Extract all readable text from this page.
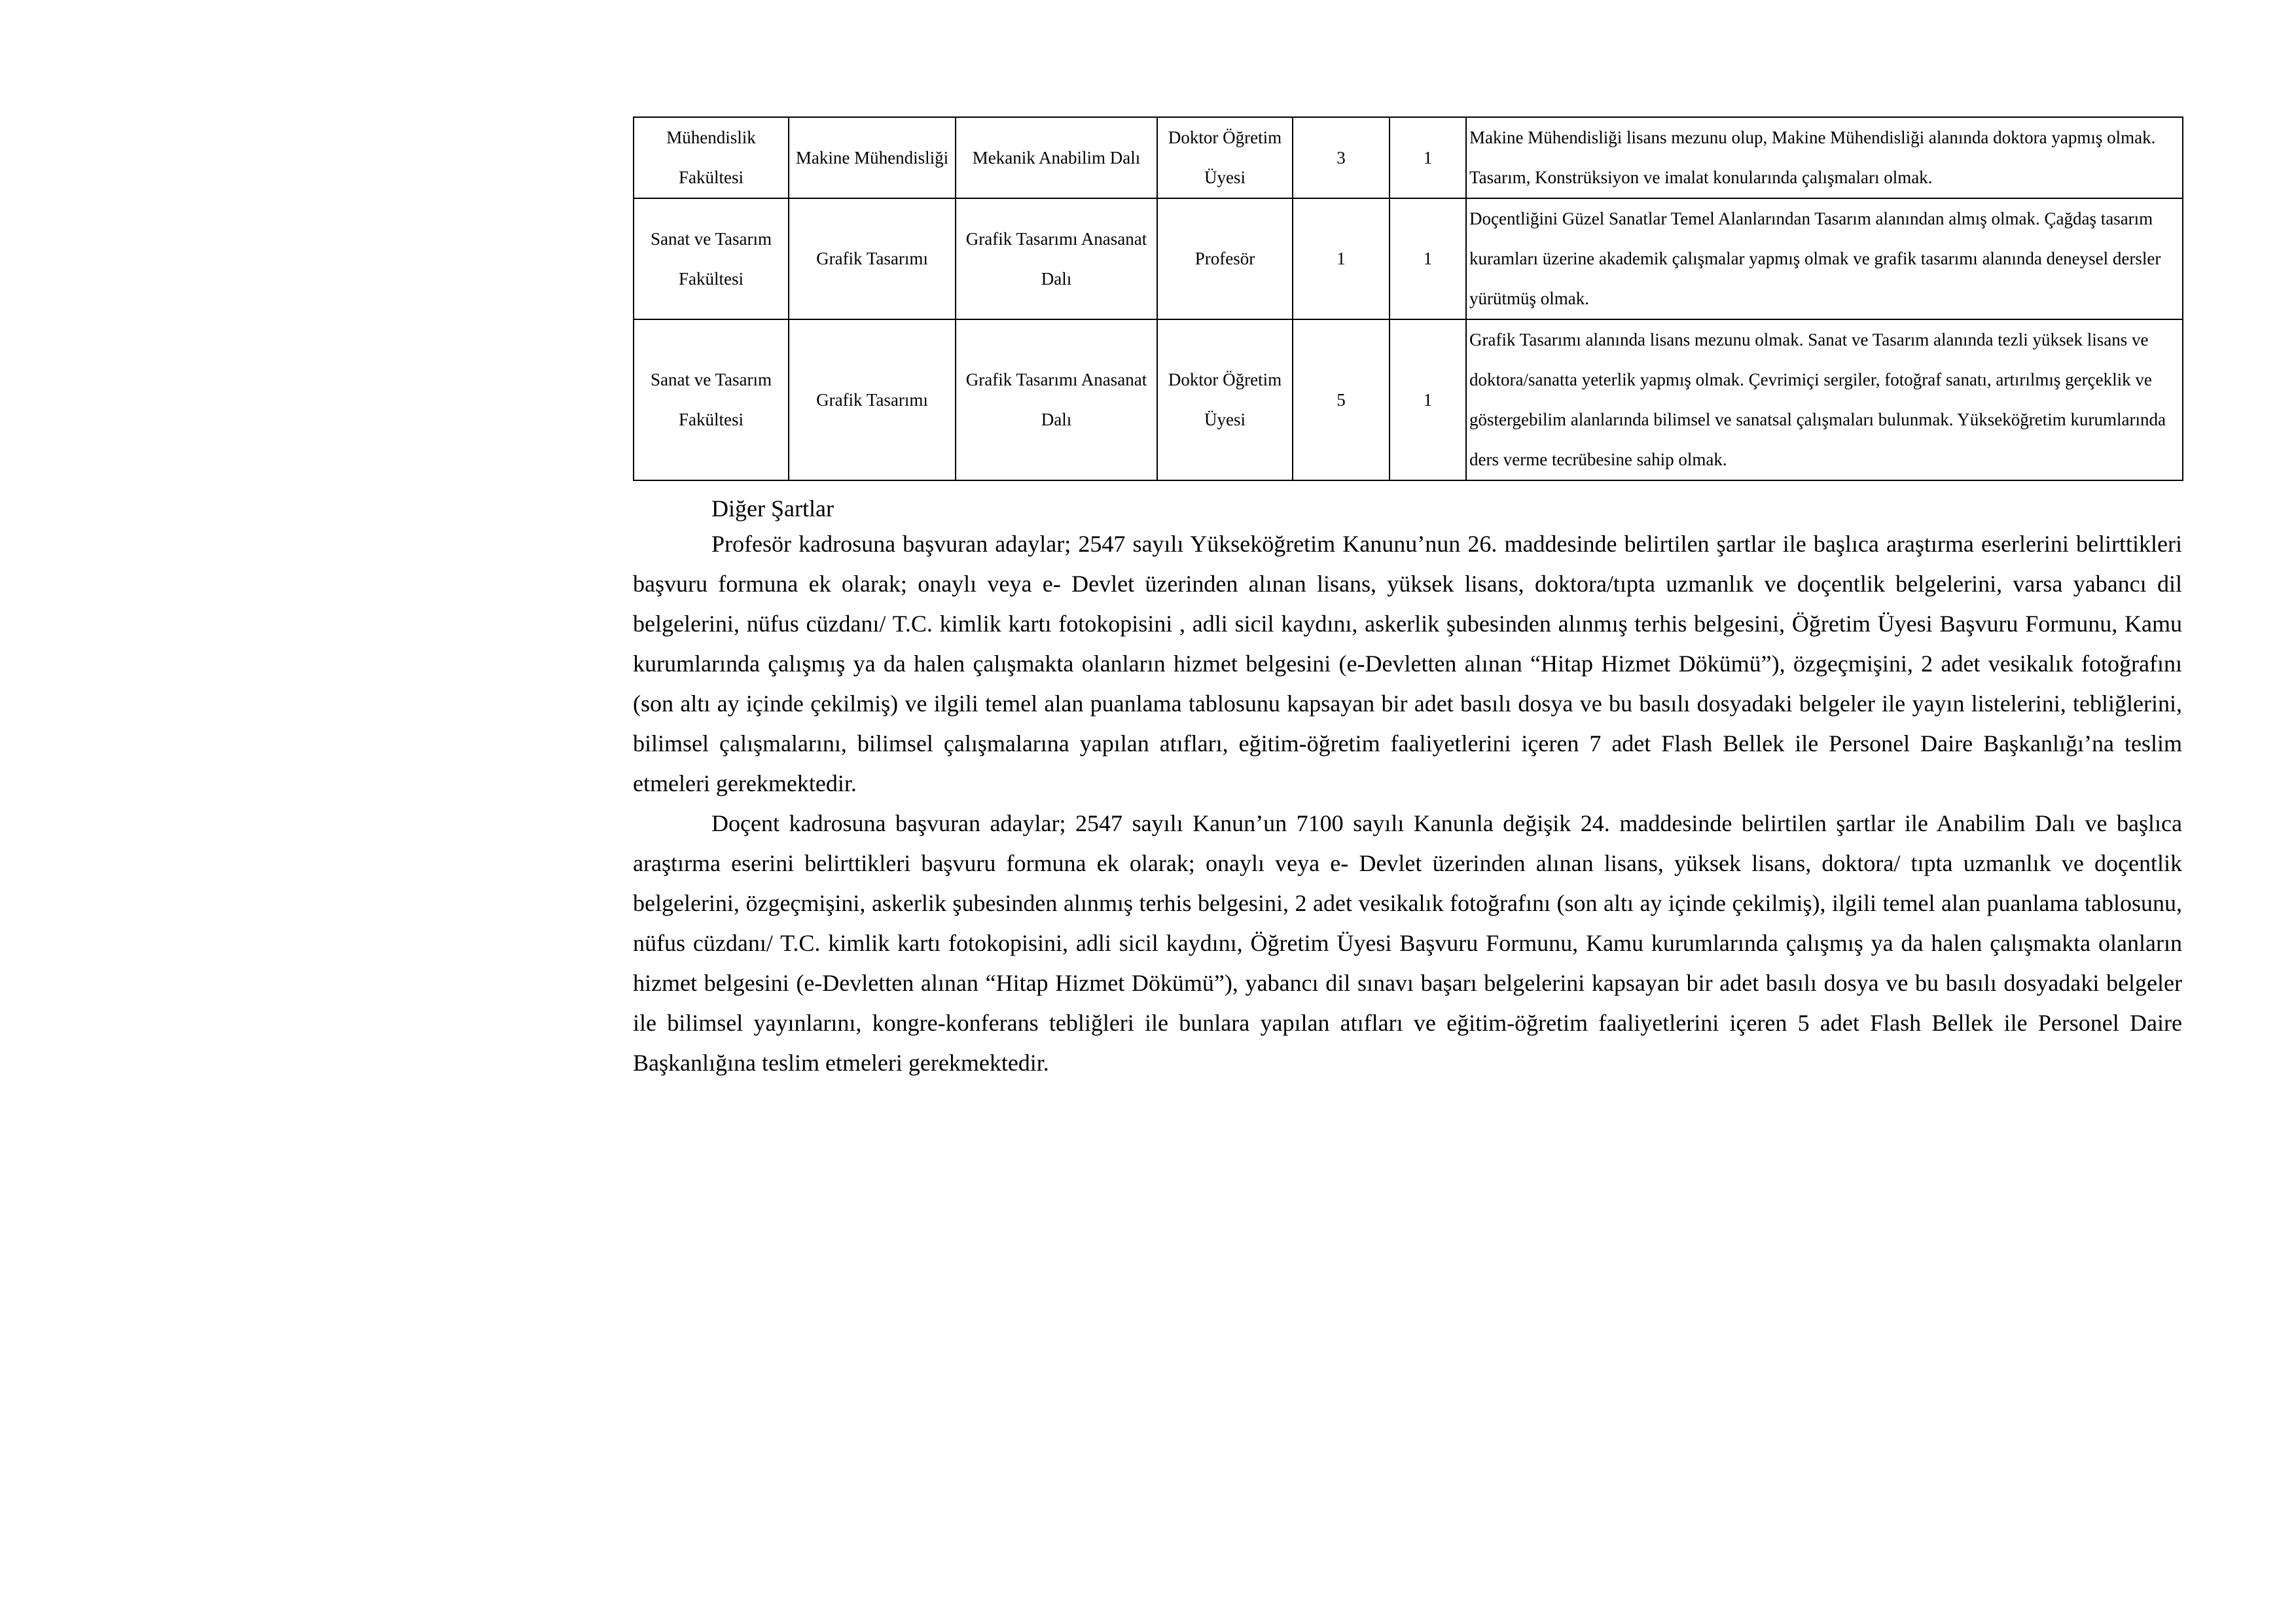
Mühendislik Fakültesi	Makine Mühendisliği	Mekanik Anabilim Dalı	Doktor Öğretim Üyesi	3	1	Makine Mühendisliği lisans mezunu olup, Makine Mühendisliği alanında doktora yapmış olmak. Tasarım, Konstrüksiyon ve imalat konularında çalışmaları olmak.

Sanat ve Tasarım Fakültesi	Grafik Tasarımı	Grafik Tasarımı Anasanat Dalı	Profesör	1	1	Doçentliğini Güzel Sanatlar Temel Alanlarından Tasarım alanından almış olmak. Çağdaş tasarım kuramları üzerine akademik çalışmalar yapmış olmak ve grafik tasarımı alanında deneysel dersler yürütmüş olmak.

Sanat ve Tasarım Fakültesi	Grafik Tasarımı	Grafik Tasarımı Anasanat Dalı	Doktor Öğretim Üyesi	5	1	Grafik Tasarımı alanında lisans mezunu olmak. Sanat ve Tasarım alanında tezli yüksek lisans ve doktora/sanatta yeterlik yapmış olmak. Çevrimiçi sergiler, fotoğraf sanatı, artırılmış gerçeklik ve göstergebilim alanlarında bilimsel ve sanatsal çalışmaları bulunmak. Yükseköğretim kurumlarında ders verme tecrübesine sahip olmak.
Diğer Şartlar

Profesör kadrosuna başvuran adaylar; 2547 sayılı Yükseköğretim Kanunu’nun 26. maddesinde belirtilen şartlar ile başlıca araştırma eserlerini belirttikleri başvuru formuna ek olarak; onaylı veya e- Devlet üzerinden alınan lisans, yüksek lisans, doktora/tıpta uzmanlık ve doçentlik belgelerini, varsa yabancı dil belgelerini, nüfus cüzdanı/ T.C. kimlik kartı fotokopisini , adli sicil kaydını, askerlik şubesinden alınmış terhis belgesini, Öğretim Üyesi Başvuru Formunu, Kamu kurumlarında çalışmış ya da halen çalışmakta olanların hizmet belgesini (e-Devletten alınan “Hitap Hizmet Dökümü”), özgeçmişini, 2 adet vesikalık fotoğrafını (son altı ay içinde çekilmiş) ve ilgili temel alan puanlama tablosunu kapsayan bir adet basılı dosya ve bu basılı dosyadaki belgeler ile yayın listelerini, tebliğlerini, bilimsel çalışmalarını, bilimsel çalışmalarına yapılan atıfları, eğitim-öğretim faaliyetlerini içeren 7 adet Flash Bellek ile Personel Daire Başkanlığı’na teslim etmeleri gerekmektedir.

Doçent kadrosuna başvuran adaylar; 2547 sayılı Kanun’un 7100 sayılı Kanunla değişik 24. maddesinde belirtilen şartlar ile Anabilim Dalı ve başlıca araştırma eserini belirttikleri başvuru formuna ek olarak; onaylı veya e- Devlet üzerinden alınan lisans, yüksek lisans, doktora/ tıpta uzmanlık ve doçentlik belgelerini, özgeçmişini, askerlik şubesinden alınmış terhis belgesini, 2 adet vesikalık fotoğrafını (son altı ay içinde çekilmiş), ilgili temel alan puanlama tablosunu, nüfus cüzdanı/ T.C. kimlik kartı fotokopisini, adli sicil kaydını, Öğretim Üyesi Başvuru Formunu, Kamu kurumlarında çalışmış ya da halen çalışmakta olanların hizmet belgesini (e-Devletten alınan “Hitap Hizmet Dökümü”), yabancı dil sınavı başarı belgelerini kapsayan bir adet basılı dosya ve bu basılı dosyadaki belgeler ile bilimsel yayınlarını, kongre-konferans tebliğleri ile bunlara yapılan atıfları ve eğitim-öğretim faaliyetlerini içeren 5 adet Flash Bellek ile Personel Daire Başkanlığına teslim etmeleri gerekmektedir.
